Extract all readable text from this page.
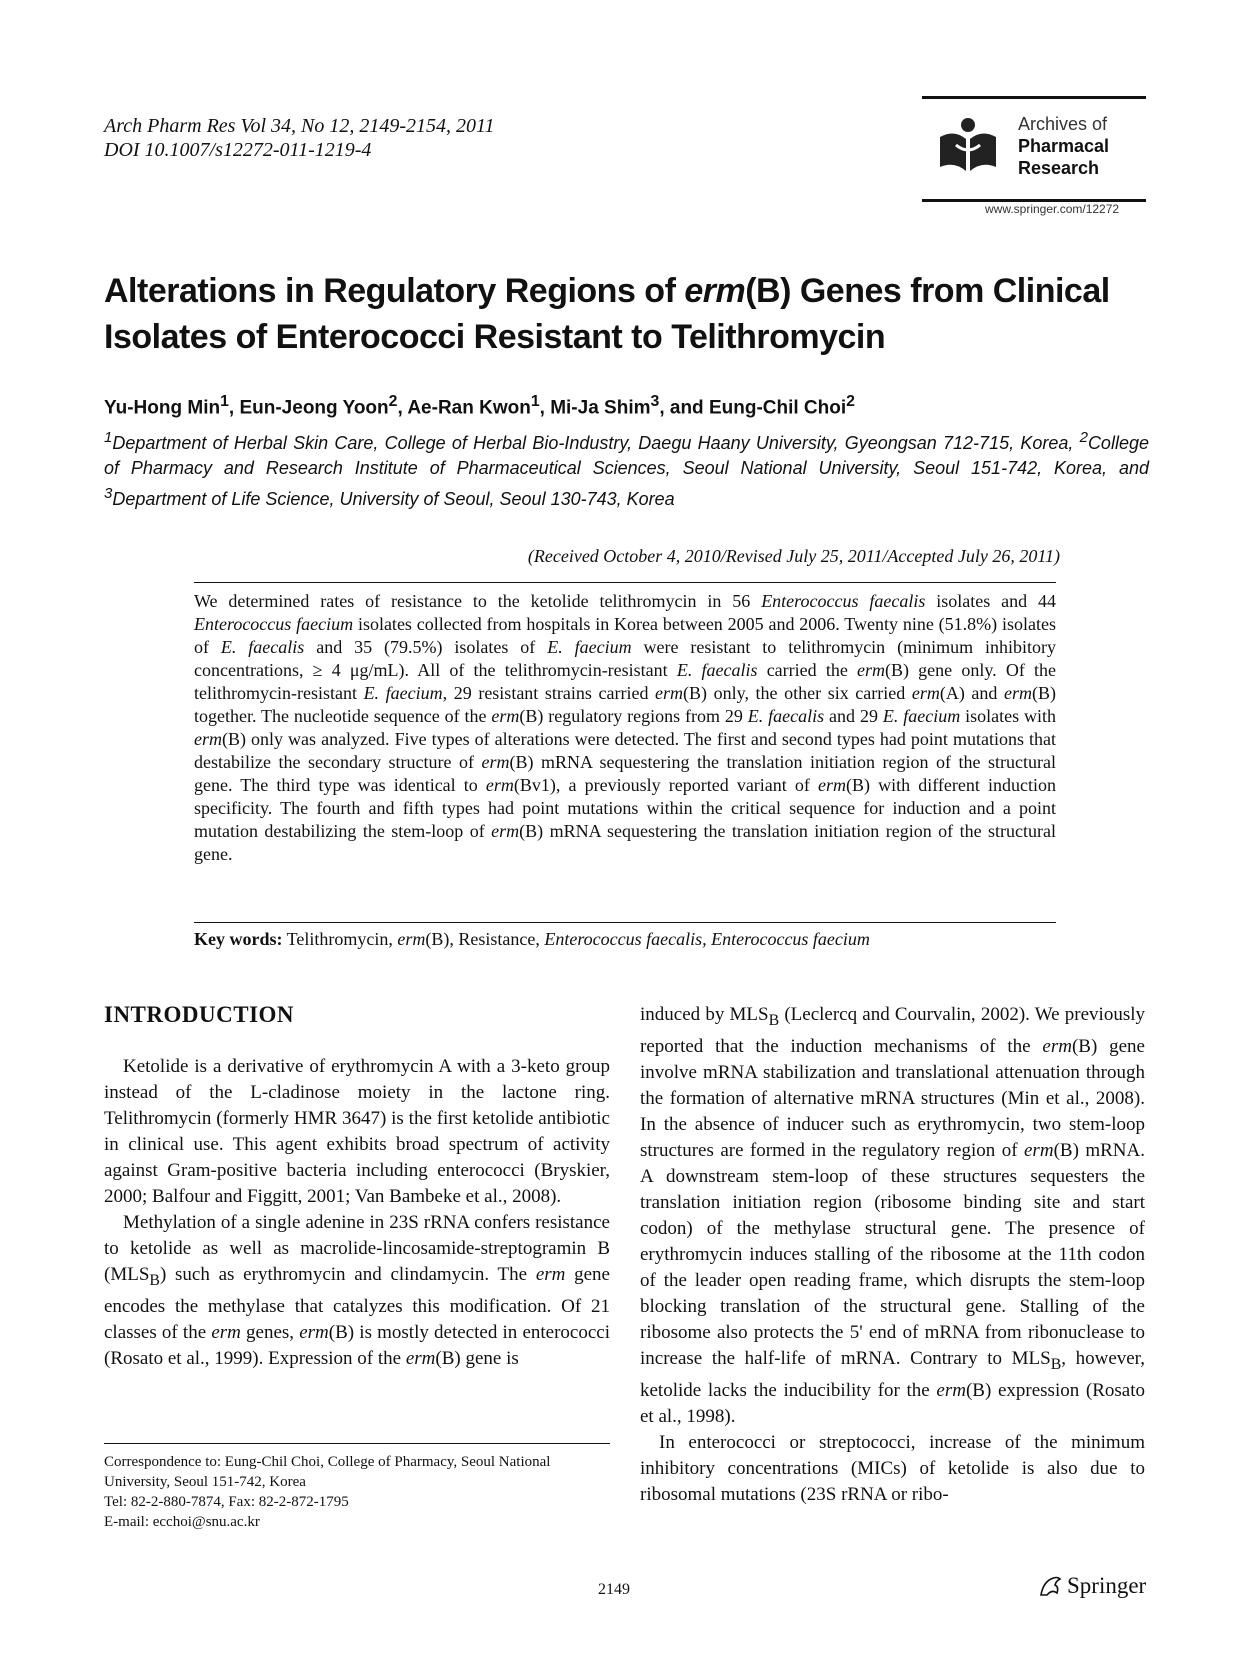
Arch Pharm Res Vol 34, No 12, 2149-2154, 2011
DOI 10.1007/s12272-011-1219-4
Archives of
Pharmacal
Research
www.springer.com/12272
Alterations in Regulatory Regions of erm(B) Genes from Clinical
Isolates of Enterococci Resistant to Telithromycin
Yu-Hong Min$^1$, Eun-Jeong Yoon$^2$, Ae-Ran Kwon$^1$, Mi-Ja Shim$^3$, and Eung-Chil Choi$^2$
$^1$Department of Herbal Skin Care, College of Herbal Bio-Industry, Daegu Haany University, Gyeongsan 712-715, Korea, $^2$College of Pharmacy and Research Institute of Pharmaceutical Sciences, Seoul National University, Seoul 151-742, Korea, and $^3$Department of Life Science, University of Seoul, Seoul 130-743, Korea
(Received October 4, 2010/Revised July 25, 2011/Accepted July 26, 2011)
We determined rates of resistance to the ketolide telithromycin in 56 Enterococcus faecalis isolates and 44 Enterococcus faecium isolates collected from hospitals in Korea between 2005 and 2006. Twenty nine (51.8%) isolates of E. faecalis and 35 (79.5%) isolates of E. faecium were resistant to telithromycin (minimum inhibitory concentrations, ≥ 4 μg/mL). All of the telithromycin-resistant E. faecalis carried the erm(B) gene only. Of the telithromycin-resistant E. faecium, 29 resistant strains carried erm(B) only, the other six carried erm(A) and erm(B) together. The nucleotide sequence of the erm(B) regulatory regions from 29 E. faecalis and 29 E. faecium isolates with erm(B) only was analyzed. Five types of alterations were detected. The first and second types had point mutations that destabilize the secondary structure of erm(B) mRNA sequestering the translation initiation region of the structural gene. The third type was identical to erm(Bv1), a previously reported variant of erm(B) with different induction specificity. The fourth and fifth types had point mutations within the critical sequence for induction and a point mutation destabilizing the stem-loop of erm(B) mRNA sequestering the translation initiation region of the structural gene.
Key words: Telithromycin, erm(B), Resistance, Enterococcus faecalis, Enterococcus faecium
INTRODUCTION

Ketolide is a derivative of erythromycin A with a 3-keto group instead of the L-cladinose moiety in the lactone ring. Telithromycin (formerly HMR 3647) is the first ketolide antibiotic in clinical use. This agent exhibits broad spectrum of activity against Gram-positive bacteria including enterococci (Bryskier, 2000; Balfour and Figgitt, 2001; Van Bambeke et al., 2008).

Methylation of a single adenine in 23S rRNA confers resistance to ketolide as well as macrolide-lincosamide-streptogramin B $(MLS_B)$ such as erythromycin and clindamycin. The erm gene encodes the methylase that catalyzes this modification. Of 21 classes of the erm genes, erm(B) is mostly detected in enterococci (Rosato et al., 1999). Expression of the erm(B) gene is

induced by $MLS_B$ (Leclercq and Courvalin, 2002). We previously reported that the induction mechanisms of the erm(B) gene involve mRNA stabilization and translational attenuation through the formation of alternative mRNA structures (Min et al., 2008). In the absence of inducer such as erythromycin, two stem-loop structures are formed in the regulatory region of erm(B) mRNA. A downstream stem-loop of these structures sequesters the translation initiation region (ribosome binding site and start codon) of the methylase structural gene. The presence of erythromycin induces stalling of the ribosome at the 11th codon of the leader open reading frame, which disrupts the stem-loop blocking translation of the structural gene. Stalling of the ribosome also protects the 5' end of mRNA from ribonuclease to increase the half-life of mRNA. Contrary to $MLS_B$, however, ketolide lacks the inducibility for the erm(B) expression (Rosato et al., 1998).

In enterococci or streptococci, increase of the minimum inhibitory concentrations (MICs) of ketolide is also due to ribosomal mutations (23S rRNA or ribo-

Correspondence to: Eung-Chil Choi, College of Pharmacy, Seoul National University, Seoul 151-742, Korea
Tel: 82-2-880-7874, Fax: 82-2-872-1795
E-mail: ecchoi@snu.ac.kr
2149	Springer
